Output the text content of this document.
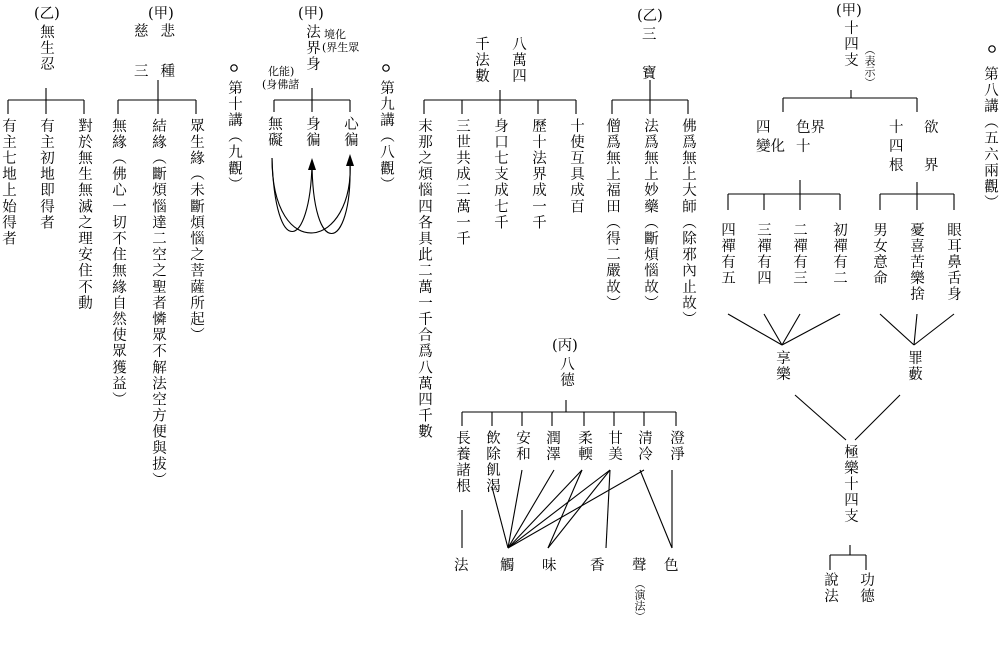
第八講（五六兩觀）
(甲)
十四支 （表示）
色界
十
四
變化
十 欲
四
根 界
初禪有二
二禪有三
三禪有四
四禪有五	眼耳鼻舌身
憂喜苦樂捨
男女意命
享樂	罪藪
極樂十四支
功德
說法
第九講（八觀）
(乙)
三
寶
佛爲無上大師（除邪內止故）
法爲無上妙藥（斷煩惱故）
僧爲無上福田（得二嚴故）
八萬四
千法數
十使互具成百
歷十法界成一千
身口七支成七千
三世共成二萬一千
末那之煩惱四各具此二萬一千合爲八萬四千數	(丙)
八德
澄淨
清冷
甘美
柔輭
潤澤
安和
飲除飢渴
長養諸根
色
聲
（演法）
香
味
觸
法
第十講（九觀）
(甲)
法界身 境化
(界生眾
化能)
(身佛諸
心徧
身徧
無礙
(甲)
慈悲
三種
眾生緣（未斷煩惱之菩薩所起）
結緣（斷煩惱達二空之聖者憐眾不解法空方便與拔）
無緣（佛心一切不住無緣自然使眾獲益）
(乙)
無生忍
對於無生無滅之理安住不動
有主初地即得者
有主七地上始得者
